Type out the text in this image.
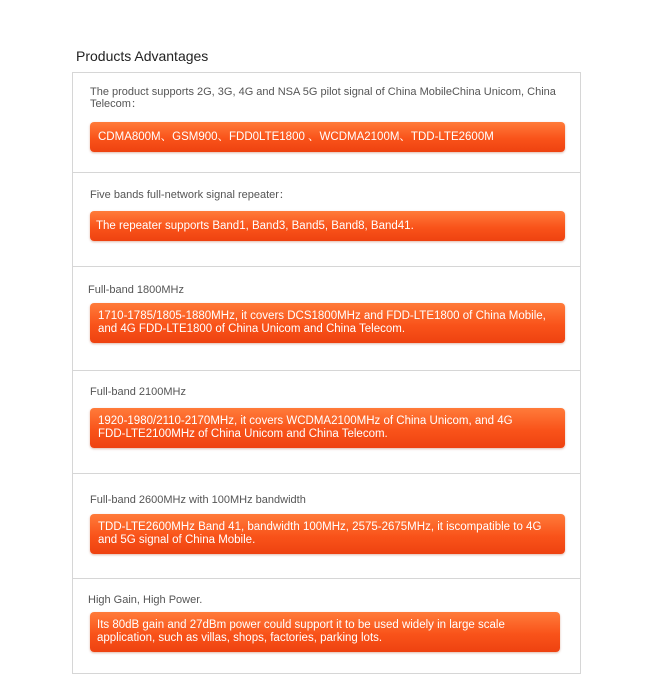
Products Advantages
The product supports 2G, 3G, 4G and NSA 5G pilot signal of China MobileChina Unicom, China Telecom：
CDMA800M、GSM900、FDD0LTE1800 、WCDMA2100M、TDD-LTE2600M
Five bands full-network signal repeater：
The repeater supports Band1, Band3, Band5, Band8, Band41.
Full-band 1800MHz
1710-1785/1805-1880MHz, it covers DCS1800MHz and FDD-LTE1800 of China Mobile, and 4G FDD-LTE1800 of China Unicom and China Telecom.
Full-band 2100MHz
1920-1980/2110-2170MHz, it covers WCDMA2100MHz of China Unicom, and 4G FDD-LTE2100MHz of China Unicom and China Telecom.
Full-band 2600MHz with 100MHz bandwidth
TDD-LTE2600MHz Band 41, bandwidth 100MHz, 2575-2675MHz, it iscompatible to 4G and 5G signal of China Mobile.
High Gain, High Power.
Its 80dB gain and 27dBm power could support it to be used widely in large scale application, such as villas, shops, factories, parking lots.
